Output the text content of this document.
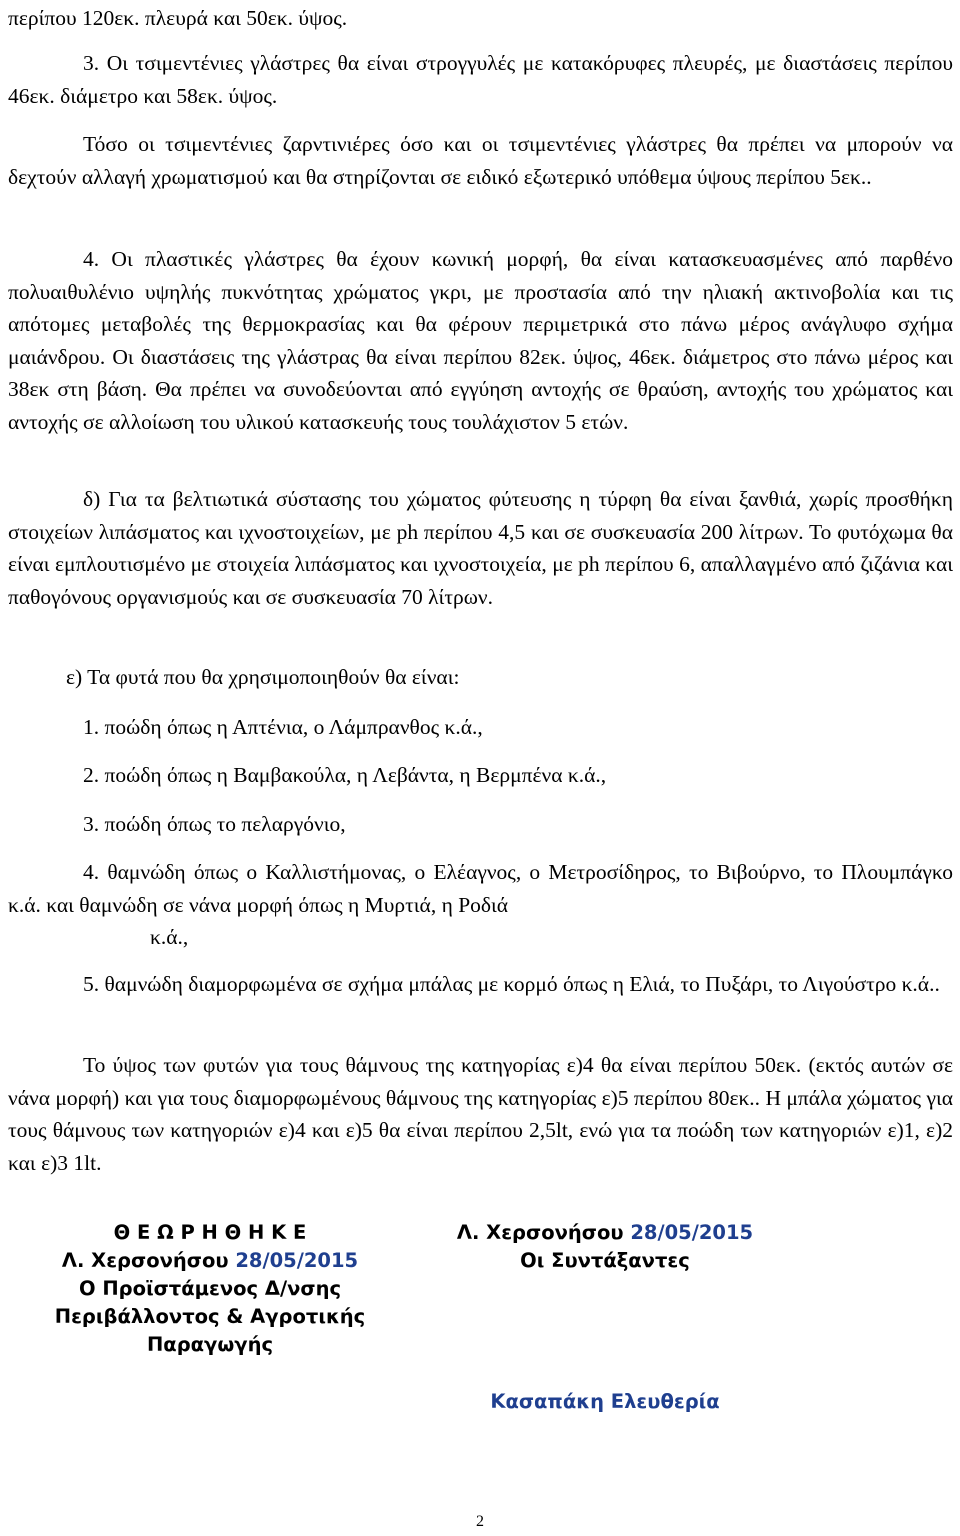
περίπου 120εκ. πλευρά και 50εκ. ύψος.

3. Οι τσιμεντένιες γλάστρες θα είναι στρογγυλές με κατακόρυφες πλευρές, με διαστάσεις περίπου 46εκ. διάμετρο και 58εκ. ύψος.

Τόσο οι τσιμεντένιες ζαρντινιέρες όσο και οι τσιμεντένιες γλάστρες θα πρέπει να μπορούν να δεχτούν αλλαγή χρωματισμού και θα στηρίζονται σε ειδικό εξωτερικό υπόθεμα ύψους περίπου 5εκ..

4. Οι πλαστικές γλάστρες θα έχουν κωνική μορφή, θα είναι κατασκευασμένες από παρθένο πολυαιθυλένιο υψηλής πυκνότητας χρώματος γκρι, με προστασία από την ηλιακή ακτινοβολία και τις απότομες μεταβολές της θερμοκρασίας και θα φέρουν περιμετρικά στο πάνω μέρος ανάγλυφο σχήμα μαιάνδρου. Οι διαστάσεις της γλάστρας θα είναι περίπου 82εκ. ύψος, 46εκ. διάμετρος στο πάνω μέρος και 38εκ στη βάση. Θα πρέπει να συνοδεύονται από εγγύηση αντοχής σε θραύση, αντοχής του χρώματος και αντοχής σε αλλοίωση του υλικού κατασκευής τους τουλάχιστον 5 ετών.

δ) Για τα βελτιωτικά σύστασης του χώματος φύτευσης η τύρφη θα είναι ξανθιά, χωρίς προσθήκη στοιχείων λιπάσματος και ιχνοστοιχείων, με ph περίπου 4,5 και σε συσκευασία 200 λίτρων. Το φυτόχωμα θα είναι εμπλουτισμένο με στοιχεία λιπάσματος και ιχνοστοιχεία, με ph περίπου 6, απαλλαγμένο από ζιζάνια και παθογόνους οργανισμούς και σε συσκευασία 70 λίτρων.

ε) Τα φυτά που θα χρησιμοποιηθούν θα είναι:

1. ποώδη όπως η Απτένια, ο Λάμπρανθος κ.ά.,

2. ποώδη όπως η Βαμβακούλα, η Λεβάντα, η Βερμπένα κ.ά.,

3. ποώδη όπως το πελαργόνιο,

4. θαμνώδη όπως ο Καλλιστήμονας, ο Ελέαγνος, ο Μετροσίδηρος, το Βιβούρνο, το Πλουμπάγκο κ.ά. και θαμνώδη σε νάνα μορφή όπως η Μυρτιά, η Ροδιά

κ.ά.,

5. θαμνώδη διαμορφωμένα σε σχήμα μπάλας με κορμό όπως η Ελιά, το Πυξάρι, το Λιγούστρο κ.ά..

Το ύψος των φυτών για τους θάμνους της κατηγορίας ε)4 θα είναι περίπου 50εκ. (εκτός αυτών σε νάνα μορφή) και για τους διαμορφωμένους θάμνους της κατηγορίας ε)5 περίπου 80εκ.. Η μπάλα χώματος για τους θάμνους των κατηγοριών ε)4 και ε)5 θα είναι περίπου 2,5lt, ενώ για τα ποώδη των κατηγοριών ε)1, ε)2 και ε)3 1lt.

Θ Ε Ω Ρ Η Θ Η Κ Ε
Λ. Χερσονήσου 28/05/2015
Ο Προϊστάμενος Δ/νσης
Περιβάλλοντος & Αγροτικής
Παραγωγής
Λ. Χερσονήσου 28/05/2015
Οι Συντάξαντες
Κασαπάκη Ελευθερία
2
